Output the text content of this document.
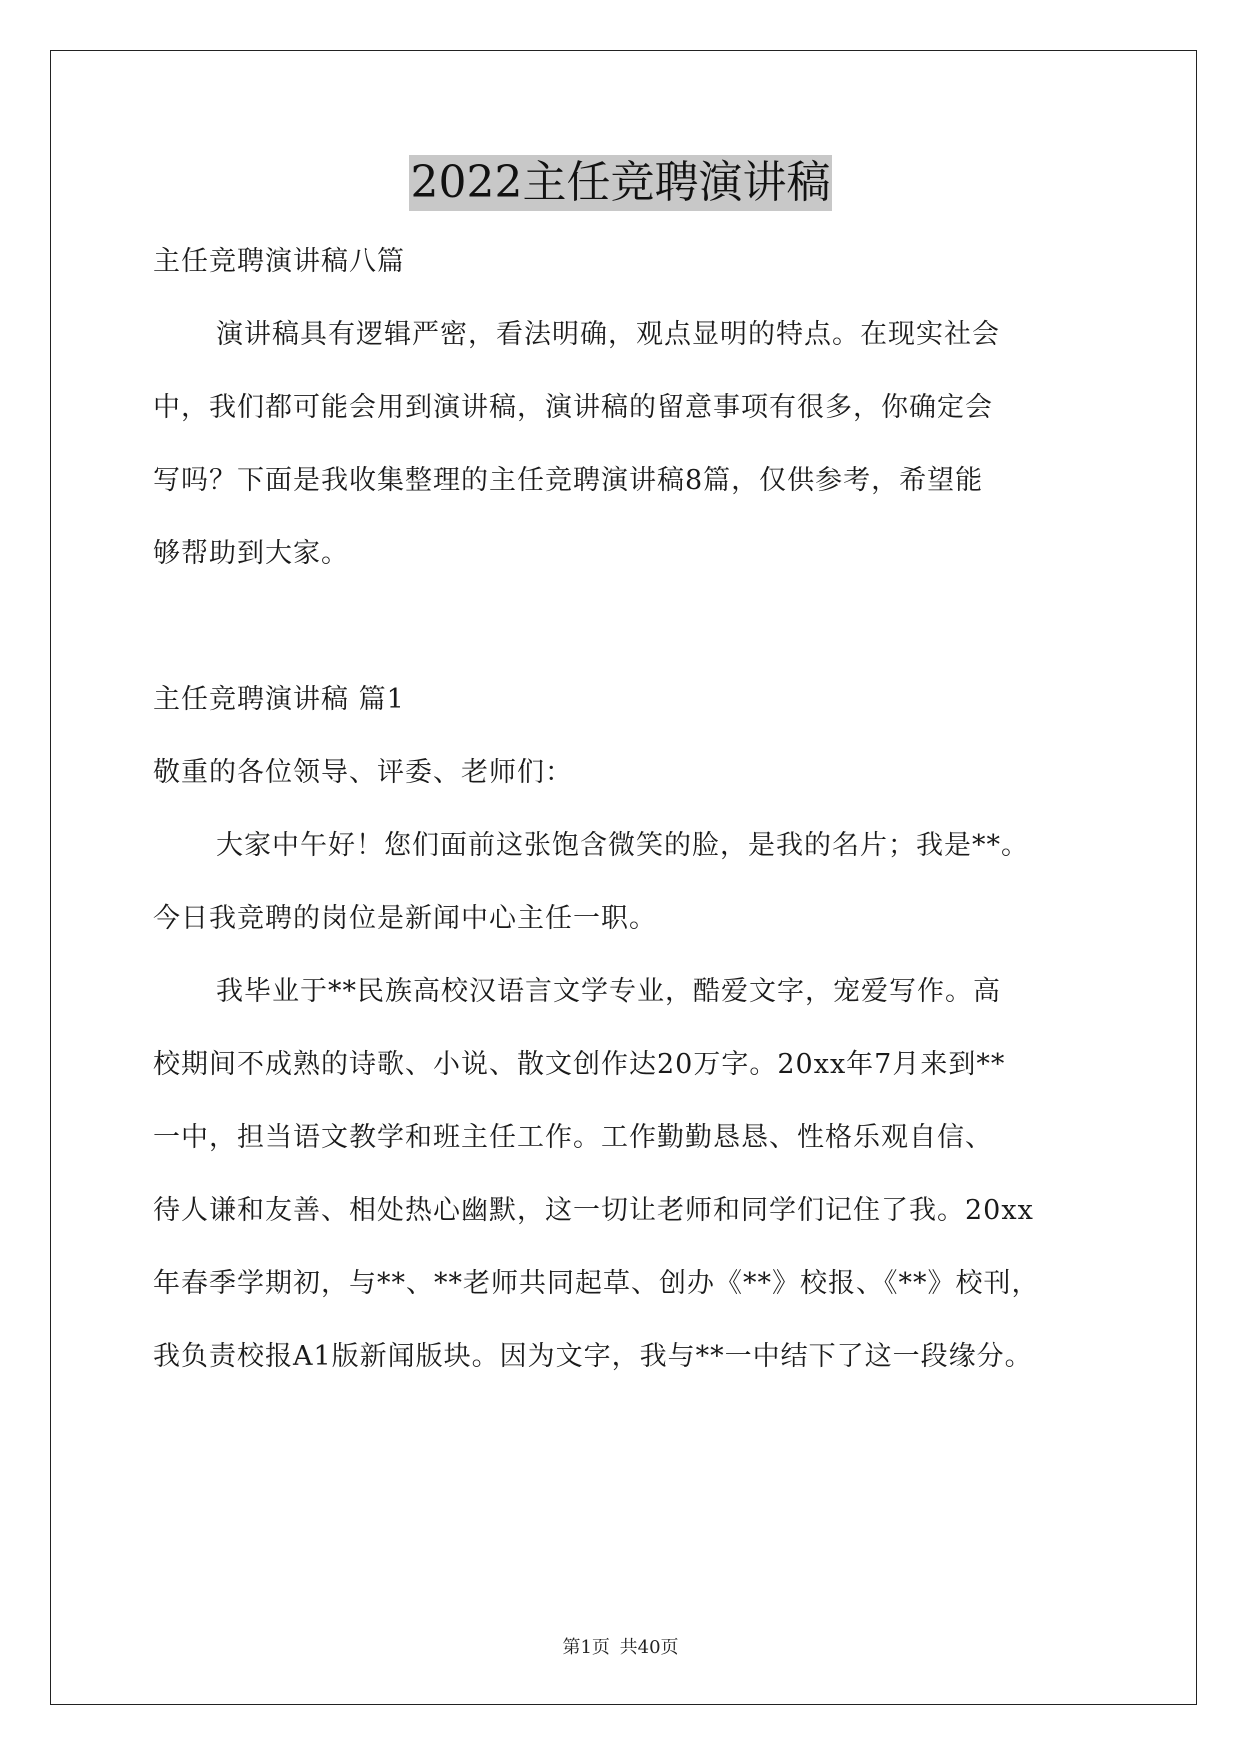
2022主任竞聘演讲稿
主任竞聘演讲稿八篇
演讲稿具有逻辑严密，看法明确，观点显明的特点。在现实社会
中，我们都可能会用到演讲稿，演讲稿的留意事项有很多，你确定会
写吗？下面是我收集整理的主任竞聘演讲稿8篇，仅供参考，希望能
够帮助到大家。
主任竞聘演讲稿 篇1
敬重的各位领导、评委、老师们：
大家中午好！您们面前这张饱含微笑的脸，是我的名片；我是**。
今日我竞聘的岗位是新闻中心主任一职。
我毕业于**民族高校汉语言文学专业，酷爱文字，宠爱写作。高
校期间不成熟的诗歌、小说、散文创作达20万字。20xx年7月来到**
一中，担当语文教学和班主任工作。工作勤勤恳恳、性格乐观自信、
待人谦和友善、相处热心幽默，这一切让老师和同学们记住了我。20xx
年春季学期初，与**、**老师共同起草、创办《**》校报、《**》校刊，
我负责校报A1版新闻版块。因为文字，我与**一中结下了这一段缘分。
第1页 共40页
